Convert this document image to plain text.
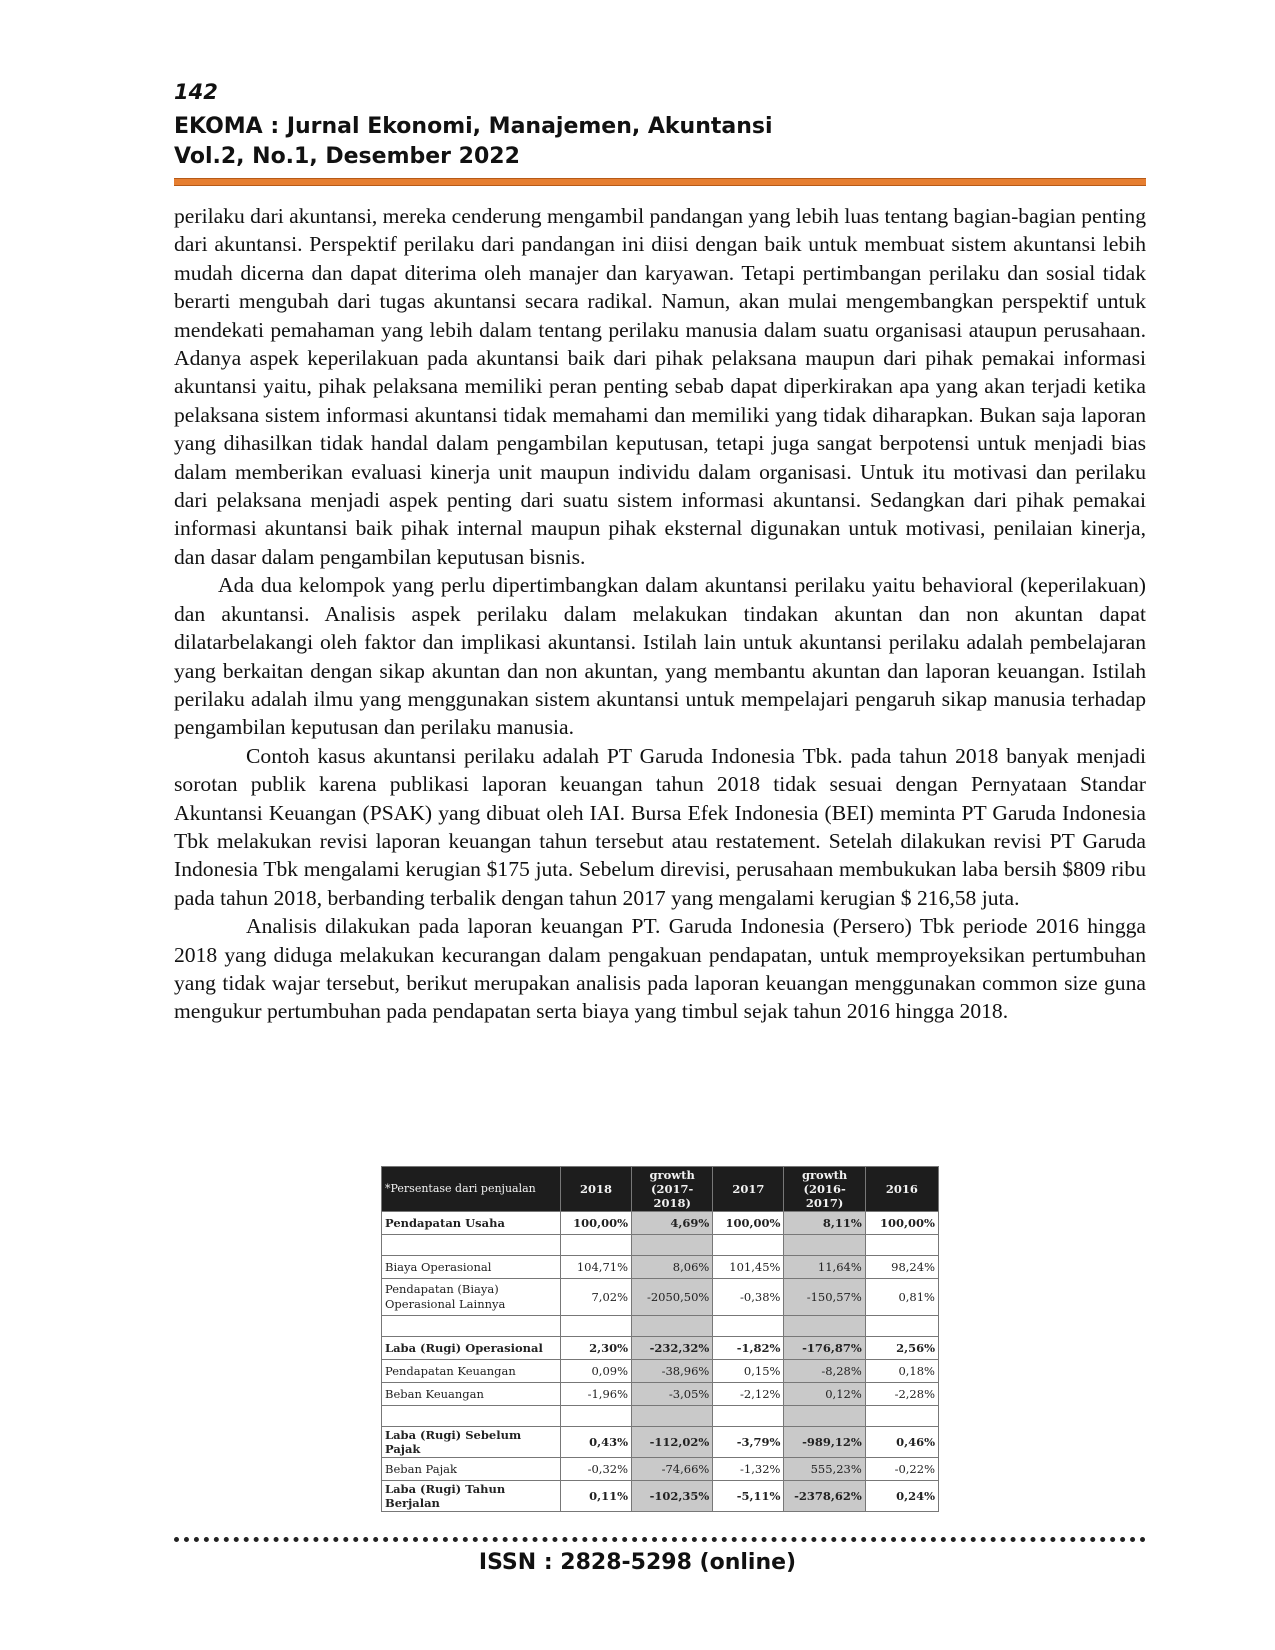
142
EKOMA : Jurnal Ekonomi, Manajemen, Akuntansi
Vol.2, No.1, Desember 2022

perilaku dari akuntansi, mereka cenderung mengambil pandangan yang lebih luas tentang bagian-bagian penting dari akuntansi. Perspektif perilaku dari pandangan ini diisi dengan baik untuk membuat sistem akuntansi lebih mudah dicerna dan dapat diterima oleh manajer dan karyawan. Tetapi pertimbangan perilaku dan sosial tidak berarti mengubah dari tugas akuntansi secara radikal. Namun, akan mulai mengembangkan perspektif untuk mendekati pemahaman yang lebih dalam tentang perilaku manusia dalam suatu organisasi ataupun perusahaan. Adanya aspek keperilakuan pada akuntansi baik dari pihak pelaksana maupun dari pihak pemakai informasi akuntansi yaitu, pihak pelaksana memiliki peran penting sebab dapat diperkirakan apa yang akan terjadi ketika pelaksana sistem informasi akuntansi tidak memahami dan memiliki yang tidak diharapkan. Bukan saja laporan yang dihasilkan tidak handal dalam pengambilan keputusan, tetapi juga sangat berpotensi untuk menjadi bias dalam memberikan evaluasi kinerja unit maupun individu dalam organisasi. Untuk itu motivasi dan perilaku dari pelaksana menjadi aspek penting dari suatu sistem informasi akuntansi. Sedangkan dari pihak pemakai informasi akuntansi baik pihak internal maupun pihak eksternal digunakan untuk motivasi, penilaian kinerja, dan dasar dalam pengambilan keputusan bisnis.

Ada dua kelompok yang perlu dipertimbangkan dalam akuntansi perilaku yaitu behavioral (keperilakuan) dan akuntansi. Analisis aspek perilaku dalam melakukan tindakan akuntan dan non akuntan dapat dilatarbelakangi oleh faktor dan implikasi akuntansi. Istilah lain untuk akuntansi perilaku adalah pembelajaran yang berkaitan dengan sikap akuntan dan non akuntan, yang membantu akuntan dan laporan keuangan. Istilah perilaku adalah ilmu yang menggunakan sistem akuntansi untuk mempelajari pengaruh sikap manusia terhadap pengambilan keputusan dan perilaku manusia.

Contoh kasus akuntansi perilaku adalah PT Garuda Indonesia Tbk. pada tahun 2018 banyak menjadi sorotan publik karena publikasi laporan keuangan tahun 2018 tidak sesuai dengan Pernyataan Standar Akuntansi Keuangan (PSAK) yang dibuat oleh IAI. Bursa Efek Indonesia (BEI) meminta PT Garuda Indonesia Tbk melakukan revisi laporan keuangan tahun tersebut atau restatement. Setelah dilakukan revisi PT Garuda Indonesia Tbk mengalami kerugian $175 juta. Sebelum direvisi, perusahaan membukukan laba bersih $809 ribu pada tahun 2018, berbanding terbalik dengan tahun 2017 yang mengalami kerugian $ 216,58 juta.

Analisis dilakukan pada laporan keuangan PT. Garuda Indonesia (Persero) Tbk periode 2016 hingga 2018 yang diduga melakukan kecurangan dalam pengakuan pendapatan, untuk memproyeksikan pertumbuhan yang tidak wajar tersebut, berikut merupakan analisis pada laporan keuangan menggunakan common size guna mengukur pertumbuhan pada pendapatan serta biaya yang timbul sejak tahun 2016 hingga 2018.

*Persentase dari penjualan	2018	growth (2017-2018)	2017	growth (2016-2017)	2016
Pendapatan Usaha	100,00%	4,69%	100,00%	8,11%	100,00%

Biaya Operasional	104,71%	8,06%	101,45%	11,64%	98,24%
Pendapatan (Biaya) Operasional Lainnya	7,02%	-2050,50%	-0,38%	-150,57%	0,81%

Laba (Rugi) Operasional	2,30%	-232,32%	-1,82%	-176,87%	2,56%
Pendapatan Keuangan	0,09%	-38,96%	0,15%	-8,28%	0,18%
Beban Keuangan	-1,96%	-3,05%	-2,12%	0,12%	-2,28%

Laba (Rugi) Sebelum Pajak	0,43%	-112,02%	-3,79%	-989,12%	0,46%
Beban Pajak	-0,32%	-74,66%	-1,32%	555,23%	-0,22%
Laba (Rugi) Tahun Berjalan	0,11%	-102,35%	-5,11%	-2378,62%	0,24%
ISSN : 2828-5298 (online)
